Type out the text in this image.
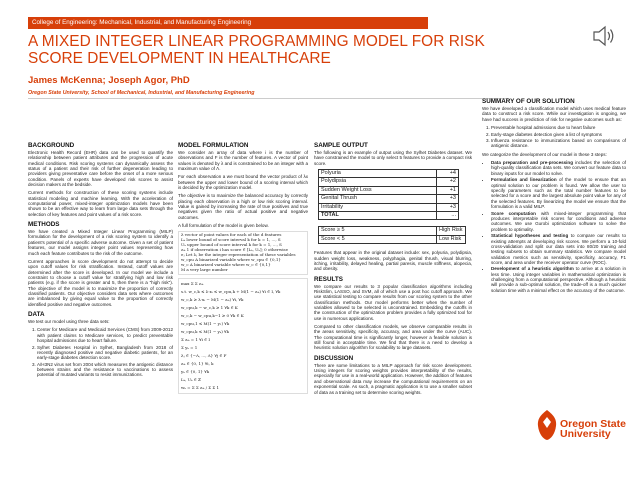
College of Engineering: Mechanical, Industrial, and Manufacturing Engineering
A MIXED INTEGER LINEAR PROGRAMMING MODEL FOR RISK SCORE DEVELOPMENT IN HEALTHCARE
James McKenna; Joseph Agor, PhD
Oregon State University, School of Mechanical, Industrial, and Manufacturing Engineering
BACKGROUND
Electronic Health Record (EHR) data can be used to quantify the relationship between patient attributes and the progression of acute medical conditions. Risk scoring systems can dynamically assess the status of a patient and their risk of further degeneration leading to providers giving preventative care before the onset of a more serious condition. Panels of experts have developed risk scores to assist decision makers at the bedside.
Current methods for construction of these scoring systems include statistical modeling and machine learning. With the acceleration of computational power, mixed-integer optimization models have been shown to be an effective way to learn from large data sets through the selection of key features and point values of a risk score.
METHODS
We have created a Mixed Integer Linear Programming (MILP) formulation for the development of a risk scoring system to identify a patient's potential of a specific adverse outcome. Given a set of patient features, our model assigns integer point values representing how much each feature contributes to the risk of the outcome.
Current approaches in score development do not attempt to decide upon cutoff values for risk stratification. Instead, cutoff values are determined after the score is developed. In our model we include a constraint to choose a cutoff value for stratifying high and low risk patients (e.g. if the score is greater and 5, then there is a "high risk"). The objective of the model is to maximize the proportion of correctly classified patients. Our objective considers data sets where outcomes are imbalanced by giving equal value to the proportion of correctly identified positive and negative outcomes.
DATA
We test our model using three data sets:
1. Center for Medicare and Medicaid Services (CMS) from 2009-2012 with patient claims to Medicare services, to predict preventable hospital admissions due to heart failure.
2. Sylhet Diabetes Hospital in Sylhet, Bangladesh from 2018 of recently diagnosed positive and negative diabetic patients, for an early-stage diabetes detection score.
3. A/H3N2 virus set from 2004 which measures the antigenic distance between strains and the resistance to vaccinations to assess potential of mutated variants to resist immunizations.
MODEL FORMULATION
We consider an array of data where i is the number of observations and F is the number of features. A vector of point values is denoted by λ and is constrained to be an integer with a maximum value of Λ.
For each observation a we must bound the vector product of λx between the upper and lower bound of a scoring interval which is decided by the optimization model.
The objective is to maximize the balanced accuracy by correctly placing each observation in a high or low risk scoring interval. Value is gained by increasing the rate of true positives and true negatives given the ratio of actual positive and negative outcomes.
A full formulation of the model is given below.
λ vector of point values for each of the d features
Lₖ lower bound of score interval k for k = 1, ..., S
Uₖ upper bound of score interval k for k = 1, ..., S
zᵢₖ 1 if observation i has score ∈ [Lₖ, Uₖ]; 0 otherwise
eⱼ Let λⱼ be the integer representation of these variables
w_cpu A binarized variable where w_cpu ∈ {0,1}
w_c A binarized variable where w_c ∈ {0,1}
M a very large number
max Σ Σ zᵢₖ
s.t. w_c,k ≤ λ·xᵢ ≤ w_cpu,k + M(1 − zᵢₖ) ∀i ∈ I, ∀k
w_c,k ≥ λ·xᵢ − M(1 − zᵢₖ) ∀i, ∀k
w_cpu,k − w_c,k ≥ 1 ∀k ∈ K
w_c,k − w_cpu,k−1 ≥ 0 ∀k ∈ K
w_cpu,1 ≤ M(1 − y₁) ∀k
w_cpu,k ≤ M(1 − yₖ) ∀k
Σ zᵢₖ = 1 ∀i ∈ I
Σ yₖ = 1
λⱼ ∈ {−Λ, ..., Λ} ∀j ∈ F
zᵢₖ ∈ {0, 1} ∀i, k
yₖ ∈ {0, 1} ∀k
Lₖ, Uₖ ∈ ℤ
wₖ = Σ Σ zᵢₖ / Σ Σ 1
SAMPLE OUTPUT
The following is an example of output using the Sylhet Diabetes dataset. We have constrained the model to only select 5 features to provide a compact risk score.
Polyuria	+4
Polydipsia	+2
Sudden Weight Loss	+1
Genital Thrush	+3
Irritability	+3
TOTAL	...
Score ≥ 5	High Risk
Score < 5	Low Risk
Features that appear in the original dataset include: sex, polyuria, polydipsia, sudden weight loss, weakness, polyphagia, genital thrush, visual blurring, itching, irritability, delayed healing, partial paresis, muscle stiffness, alopecia, and obesity.
RESULTS
We compare our results to 3 popular classification algorithms including RiskSlim, LASSO, and SVM, all of which use a post hoc cutoff approach. We use statistical testing to compare results from our scoring system to the other classification methods. Our model performs better when the number of variables allowed to be selected is unconstrained. Embedding the cutoffs in the construction of the optimization problem provides a fully optimized tool for use in numerous applications.
Compared to other classification models, we observe comparable results in the areas sensitivity, specificity, accuracy, and area under the curve (AUC). The computational time is significantly longer, however a feasible solution is still found in acceptable time. We find that there is a need to develop a heuristic solution algorithm for scalability to large datasets.
DISCUSSION
There are some limitations to a MILP approach for risk score development. Using integers for scoring weights provides interpretability of the results, especially for use in a real-world application. However, the addition of features and observational data may increase the computational requirements on an exponential scale. As such, a pragmatic application is to use a smaller subset of data as a training set to determine scoring weights.
SUMMARY OF OUR SOLUTION
We have developed a classification model which uses medical feature data to construct a risk score. While our investigation is ongoing, we have had success in prediction of risk for negative outcomes such as:
1. Preventable hospital admissions due to heart failure
2. Early-stage diabetes detection given a list of symptoms
3. Influenza resistance to immunizations based on comparisons of antigenic distance.
We categorize the development of our model in these 3 steps:
• Data preparation and pre-processing includes the selection of high-quality classification data sets. We convert our feature data to binary inputs for our model to solve.
• Formulation and linearization of the model to ensure that an optimal solution to our problem is found. We allow the user to specify parameters such as the total number features to be selected for a score and the largest absolute point value for any of the selected features. By linearizing the model we ensure that the formulation is a valid MILP.
• Score computation with mixed-integer programming that produces interpretable risk scores for conditions and adverse outcomes. We use Gurobi optimization software to solve the problem to optimality.
• Statistical hypotheses and testing to compare our results to existing attempts at developing risk scores. We perform a 10-fold cross-validation and split our data sets into 80/20 training and testing subsets to obtain summary statistics. We compare model validation metrics such as sensitivity, specificity, accuracy, F1 score, and area under the receiver operator curve (ROC).
• Development of a heuristic algorithm to arrive at a solution in less time. Using integer variables in mathematical optimization is challenging from a computational perspective. Although a heuristic will provide a sub-optimal solution, the trade-off is a much quicker solution time with a minimal effect on the accuracy of the outcome.
Oregon State
University
